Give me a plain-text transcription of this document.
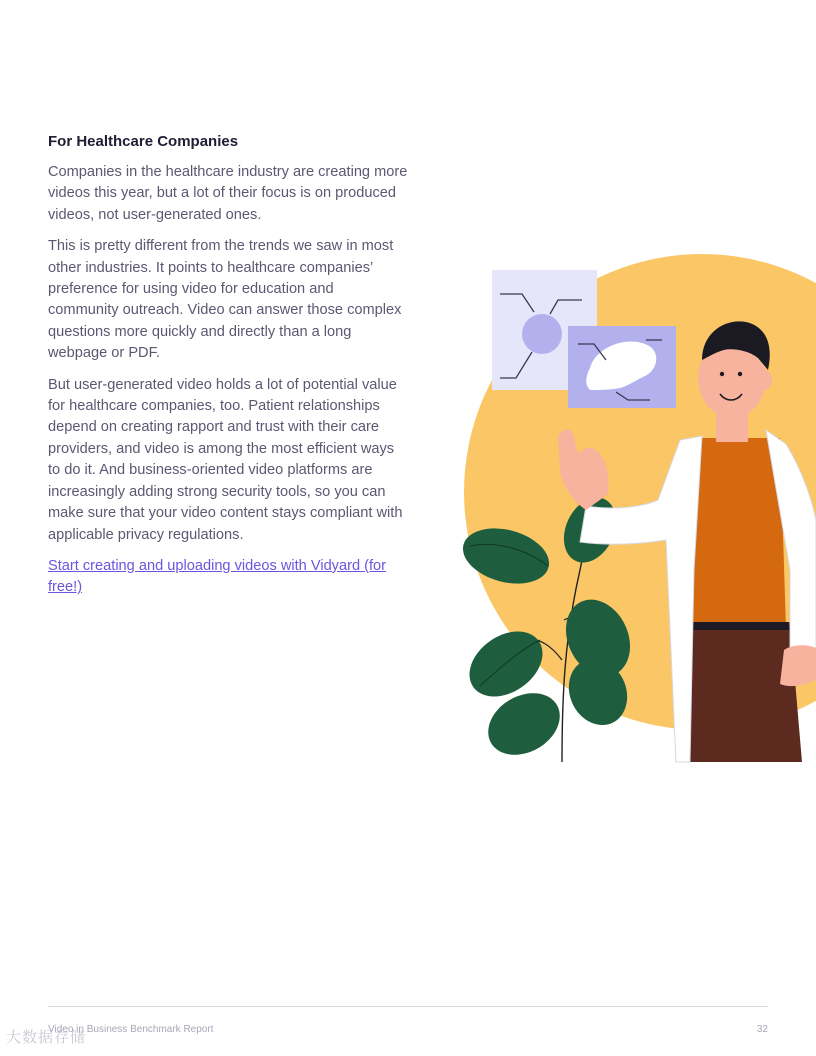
For Healthcare Companies

Companies in the healthcare industry are creating more videos this year, but a lot of their focus is on produced videos, not user-generated ones.

This is pretty different from the trends we saw in most other industries. It points to healthcare companies’ preference for using video for education and community outreach. Video can answer those complex questions more quickly and directly than a long webpage or PDF.

But user-generated video holds a lot of potential value for healthcare companies, too. Patient relationships depend on creating rapport and trust with their care providers, and video is among the most efficient ways to do it. And business-oriented video platforms are increasingly adding strong security tools, so you can make sure that your video content stays compliant with applicable privacy regulations.

Start creating and uploading videos with Vidyard (for free!)
大数据存储
Video in Business Benchmark Report	32
